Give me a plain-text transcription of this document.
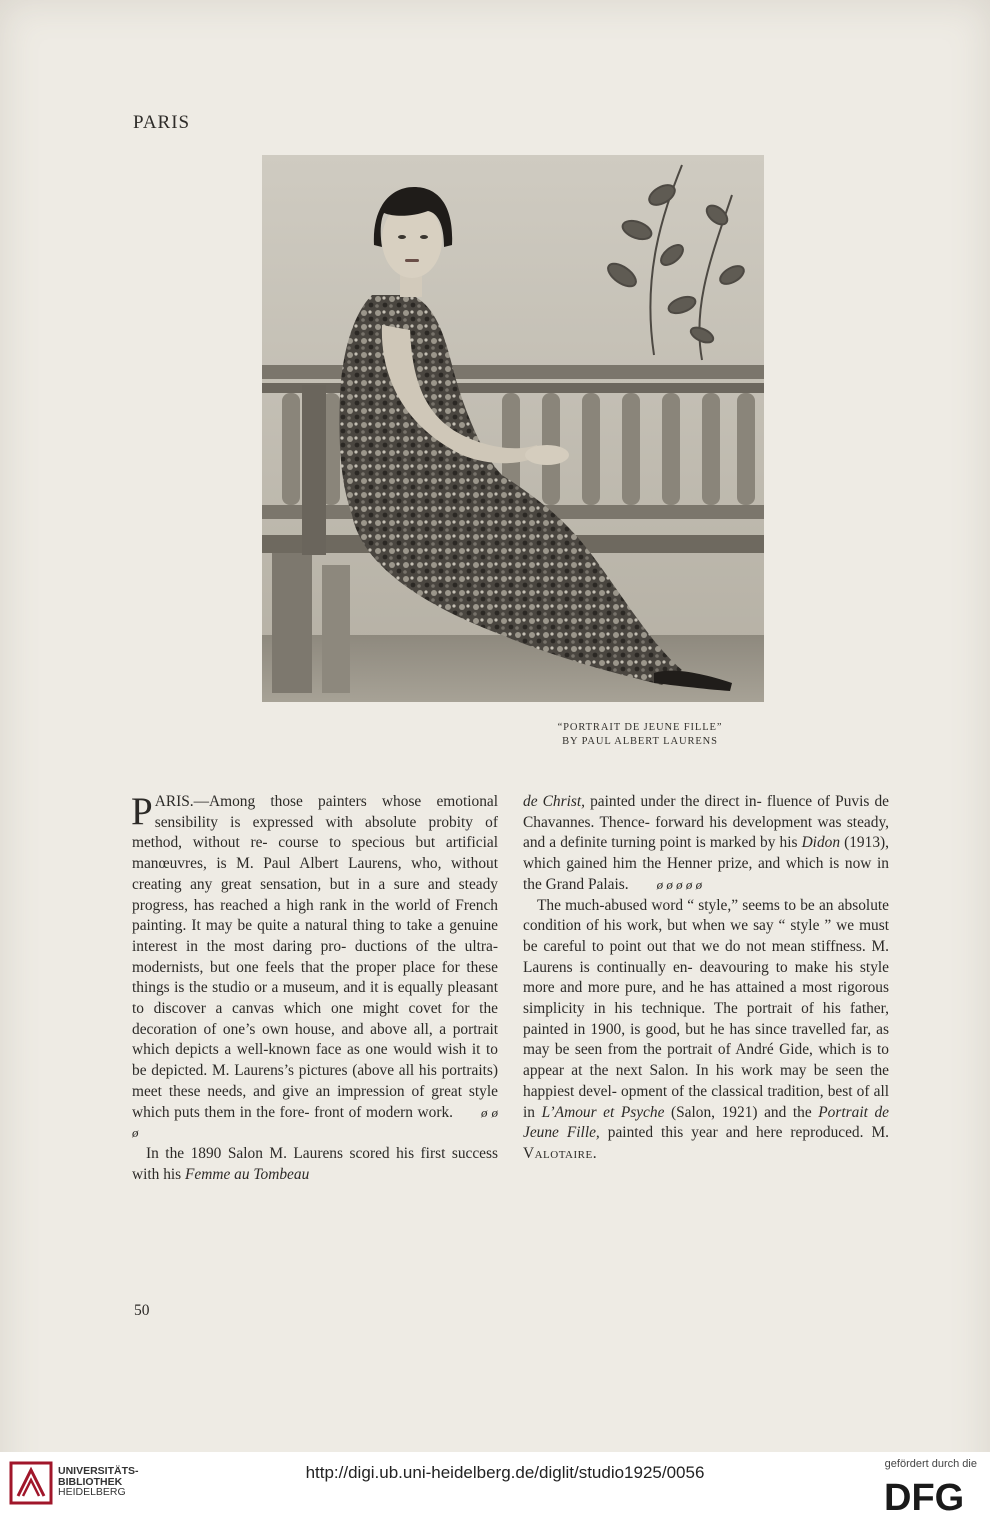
PARIS
“PORTRAIT DE JEUNE FILLE”
BY PAUL ALBERT LAURENS

PARIS.—Among those painters whose emotional sensibility is expressed with absolute probity of method, without re- course to specious but artificial manœuvres, is M. Paul Albert Laurens, who, without creating any great sensation, but in a sure and steady progress, has reached a high rank in the world of French painting. It may be quite a natural thing to take a genuine interest in the most daring pro- ductions of the ultra-modernists, but one feels that the proper place for these things is the studio or a museum, and it is equally pleasant to discover a canvas which one might covet for the decoration of one’s own house, and above all, a portrait which depicts a well-known face as one would wish it to be depicted. M. Laurens’s pictures (above all his portraits) meet these needs, and give an impression of great style which puts them in the fore- front of modern work. ø ø ø

In the 1890 Salon M. Laurens scored his first success with his Femme au Tombeau

de Christ, painted under the direct in- fluence of Puvis de Chavannes. Thence- forward his development was steady, and a definite turning point is marked by his Didon (1913), which gained him the Henner prize, and which is now in the Grand Palais. ø ø ø ø ø

The much-abused word “ style,” seems to be an absolute condition of his work, but when we say “ style ” we must be careful to point out that we do not mean stiffness. M. Laurens is continually en- deavouring to make his style more and more pure, and he has attained a most rigorous simplicity in his technique. The portrait of his father, painted in 1900, is good, but he has since travelled far, as may be seen from the portrait of André Gide, which is to appear at the next Salon. In his work may be seen the happiest devel- opment of the classical tradition, best of all in L’Amour et Psyche (Salon, 1921) and the Portrait de Jeune Fille, painted this year and here reproduced. M. Valotaire.

50
UNIVERSITÄTS-
BIBLIOTHEK
HEIDELBERG
http://digi.ub.uni-heidelberg.de/diglit/studio1925/0056	gefördert durch die
DFG
